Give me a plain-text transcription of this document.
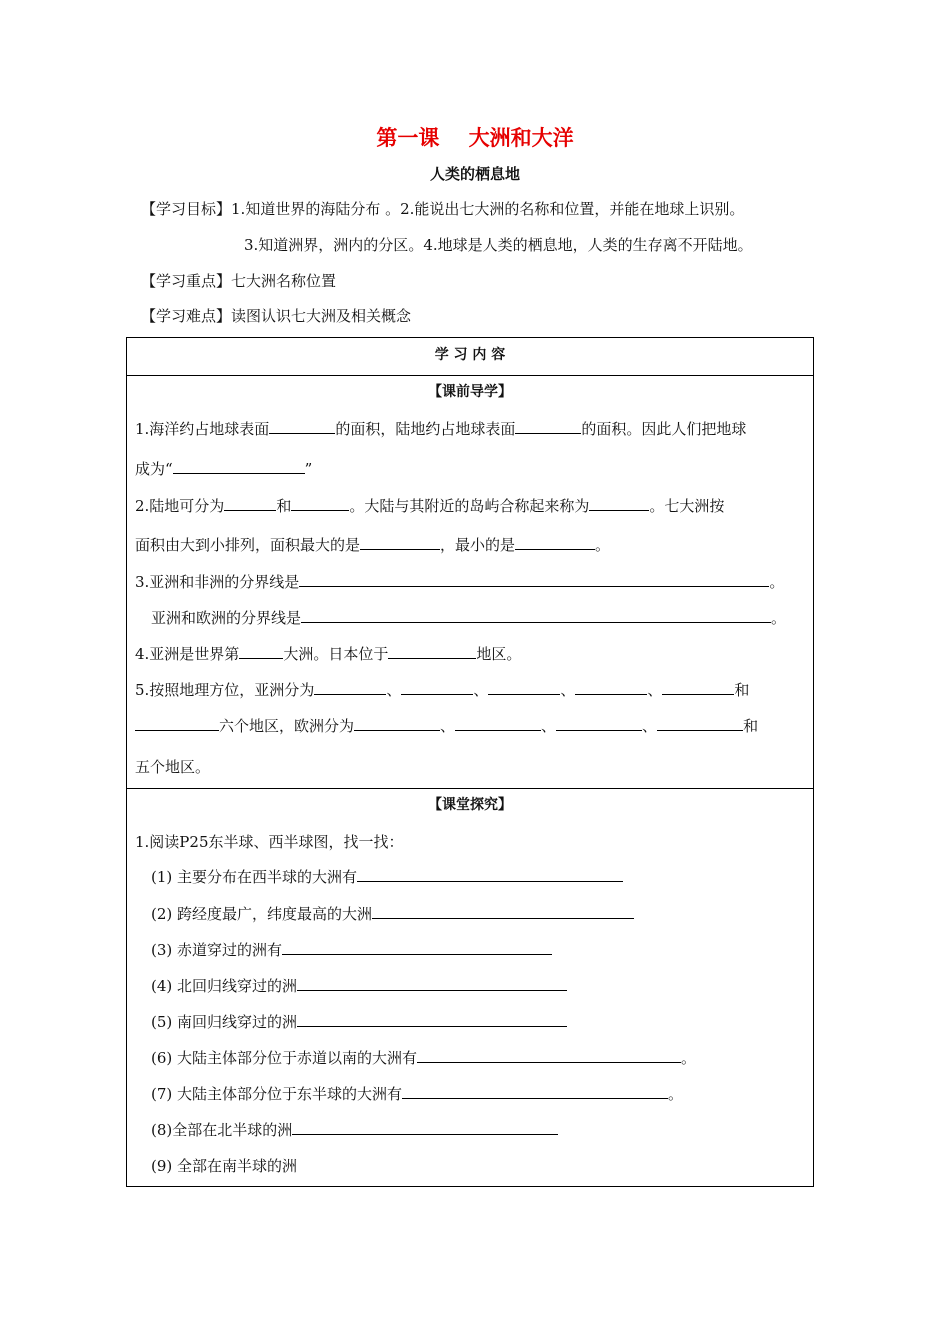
第一课    大洲和大洋
人类的栖息地
【学习目标】1.知道世界的海陆分布 。2.能说出七大洲的名称和位置，并能在地球上识别。
3.知道洲界，洲内的分区。4.地球是人类的栖息地，人类的生存离不开陆地。
【学习重点】七大洲名称位置
【学习难点】读图认识七大洲及相关概念
学 习 内 容
【课前导学】
1.海洋约占地球表面	的面积，陆地约占地球表面	的面积。因此人们把地球
成为“	”
2.陆地可分为	和	。大陆与其附近的岛屿合称起来称为	。七大洲按
面积由大到小排列，面积最大的是	，最小的是	。
3.亚洲和非洲的分界线是	。
亚洲和欧洲的分界线是	。
4.亚洲是世界第	大洲。日本位于	地区。
5.按照地理方位，亚洲分为	、	、	、	、	和
六个地区，欧洲分为	、	、	、	和
五个地区。
【课堂探究】
1.阅读P25东半球、西半球图，找一找：
(1) 主要分布在西半球的大洲有
(2) 跨经度最广，纬度最高的大洲
(3) 赤道穿过的洲有
(4) 北回归线穿过的洲
(5) 南回归线穿过的洲
(6) 大陆主体部分位于赤道以南的大洲有	。
(7) 大陆主体部分位于东半球的大洲有	。
(8)全部在北半球的洲
(9) 全部在南半球的洲
